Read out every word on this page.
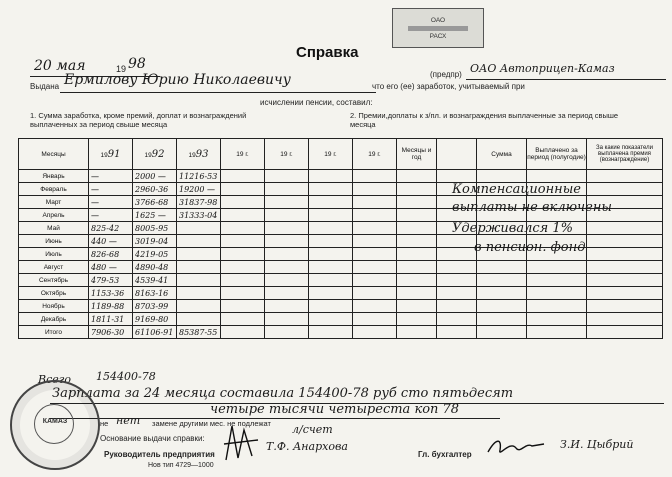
ОАО
РАСХ
Справка
20 мая	19 98
Выдана Ермилову Юрию Николаевичу	что его (ее) заработок, учитываемый при
(предпр) ОАО Автоприцеп-Камаз
исчислении пенсии, составил:
1. Сумма заработка, кроме премий, доплат и вознаграждений выплаченных за период свыше месяца
2. Премии,доплаты к з/пл. и вознаграждения выплаченные за период свыше месяца
Месяцы	1991	1992	1993	19 г.	19 г.	19 г.	19 г.	Месяцы и год		Сумма	Выплачено за период (полугодие)	За какие показатели выплачена премия (вознаграждение)
Январь	—	2000 —	11216-53									
Февраль	—	2960-36	19200 —									
Март	—	3766-68	31837-98									
Апрель	—	1625 —	31333-04									
Май	825-42	8005-95										
Июнь	440 —	3019-04										
Июль	826-68	4219-05										
Август	480 —	4890-48										
Сентябрь	479-53	4539-41										
Октябрь	1153-36	8163-16										
Ноябрь	1189-88	8703-99										
Декабрь	1811-31	9169-80										
Итого	7906-30	61106-91	85387-55									
Всего 154400-78
Компенсационные
выплаты не включены
Удерживался 1%
в пенсион. фонд
Зарплата за 24 месяца составила 154400-78 руб сто пятьдесят
четыре тысячи четыреста коп 78
не нет замене другими мес. не подлежат
Основание выдачи справки:
л/счет
Руководитель предприятия
Т.Ф. Анархова
Гл. бухгалтер
З.И. Цыбрий
Нов тип 4729—1000
КАМАЗ
